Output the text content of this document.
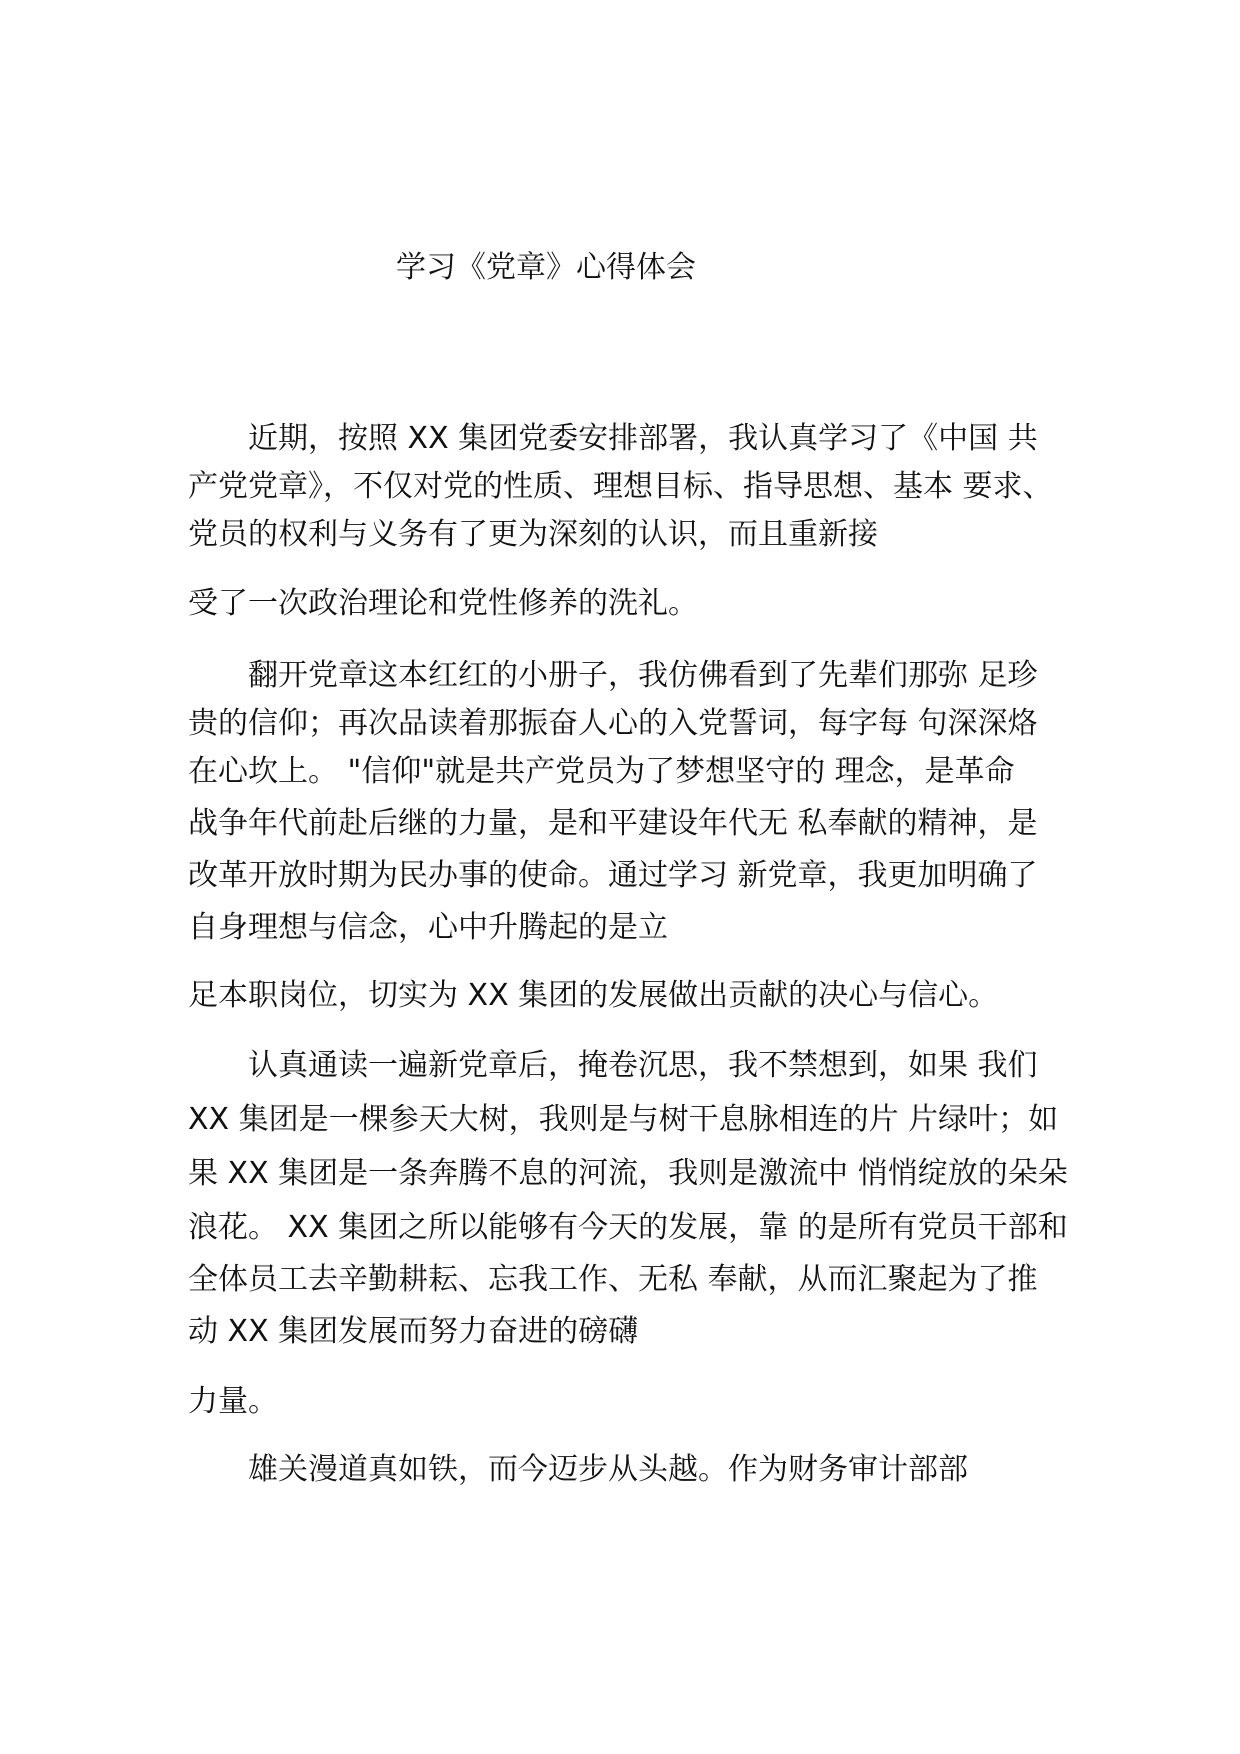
学习《党章》心得体会
　　近期，按照 XX 集团党委安排部署，我认真学习了《中国 共
产党党章》，不仅对党的性质、理想目标、指导思想、基本 要求、
党员的权利与义务有了更为深刻的认识，而且重新接
受了一次政治理论和党性修养的洗礼。
　　翻开党章这本红红的小册子，我仿佛看到了先辈们那弥 足珍
贵的信仰；再次品读着那振奋人心的入党誓词，每字每 句深深烙
在心坎上。 "信仰"就是共产党员为了梦想坚守的 理念，是革命
战争年代前赴后继的力量，是和平建设年代无 私奉献的精神，是
改革开放时期为民办事的使命。通过学习 新党章，我更加明确了
自身理想与信念，心中升腾起的是立
足本职岗位，切实为 XX 集团的发展做出贡献的决心与信心。
　　认真通读一遍新党章后，掩卷沉思，我不禁想到，如果 我们
XX 集团是一棵参天大树，我则是与树干息脉相连的片 片绿叶；如
果 XX 集团是一条奔腾不息的河流，我则是激流中 悄悄绽放的朵朵
浪花。 XX 集团之所以能够有今天的发展，靠 的是所有党员干部和
全体员工去辛勤耕耘、忘我工作、无私 奉献，从而汇聚起为了推
动 XX 集团发展而努力奋进的磅礴
力量。
　　雄关漫道真如铁，而今迈步从头越。作为财务审计部部
